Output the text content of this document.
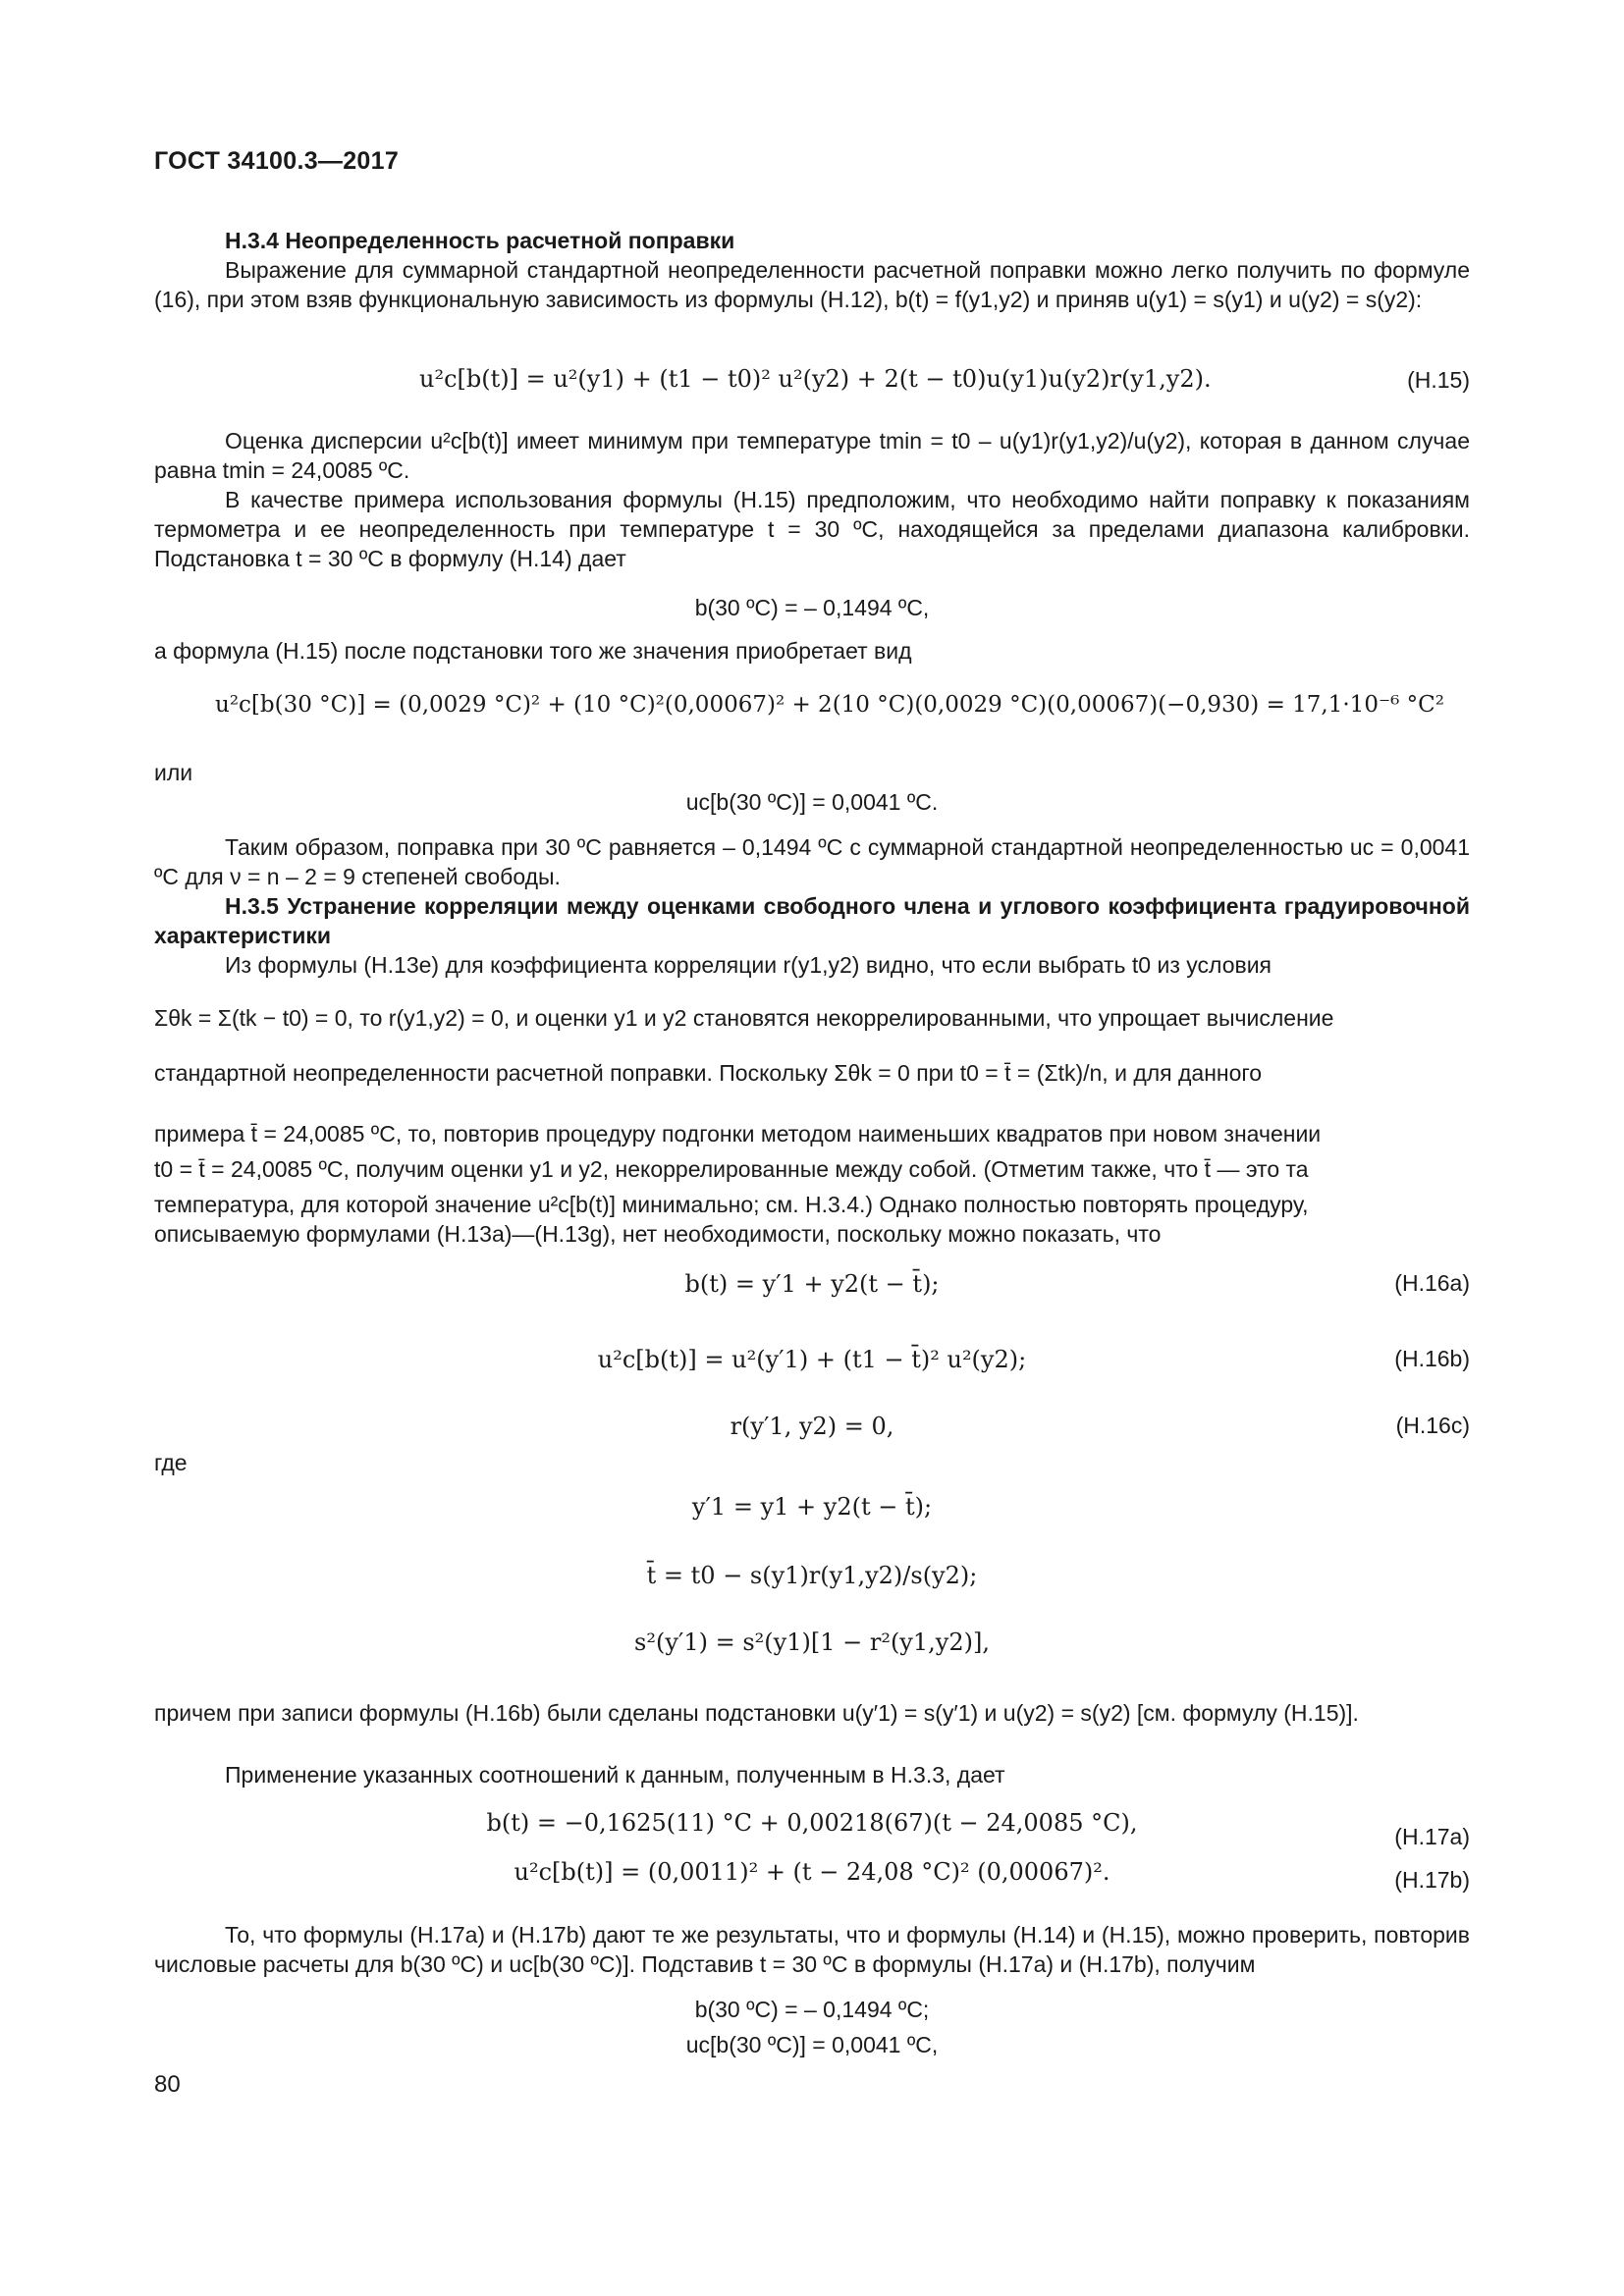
ГОСТ 34100.3—2017
Н.3.4 Неопределенность расчетной поправки
Выражение для суммарной стандартной неопределенности расчетной поправки можно легко получить по формуле (16), при этом взяв функциональную зависимость из формулы (Н.12), b(t) = f(y1,y2) и приняв u(y1) = s(y1) и u(y2) = s(y2):
u²c[b(t)] = u²(y1) + (t1 − t0)² u²(y2) + 2(t − t0)u(y1)u(y2)r(y1,y2).	(Н.15)
Оценка дисперсии u²c[b(t)] имеет минимум при температуре tmin = t0 – u(y1)r(y1,y2)/u(y2), которая в данном случае равна tmin = 24,0085 ºC.
В качестве примера использования формулы (Н.15) предположим, что необходимо найти поправку к показаниям термометра и ее неопределенность при температуре t = 30 ºC, находящейся за пределами диапазона калибровки. Подстановка t = 30 ºC в формулу (Н.14) дает
b(30 ºC) = – 0,1494 ºC,
а формула (Н.15) после подстановки того же значения приобретает вид
u²c[b(30 °C)] = (0,0029 °C)² + (10 °C)²(0,00067)² + 2(10 °C)(0,0029 °C)(0,00067)(−0,930) = 17,1·10⁻⁶ °C²
или
uc[b(30 ºC)] = 0,0041 ºC.
Таким образом, поправка при 30 ºC равняется – 0,1494 ºC с суммарной стандартной неопределенностью uc = 0,0041 ºC для ν = n – 2 = 9 степеней свободы.
Н.3.5 Устранение корреляции между оценками свободного члена и углового коэффициента градуировочной характеристики
Из формулы (Н.13е) для коэффициента корреляции r(y1,y2) видно, что если выбрать t0 из условия
Σθk = Σ(tk − t0) = 0, то r(y1,y2) = 0, и оценки y1 и y2 становятся некоррелированными, что упрощает вычисление
стандартной неопределенности расчетной поправки. Поскольку Σθk = 0 при t0 = t̄ = (Σtk)/n, и для данного
примера t̄ = 24,0085 ºC, то, повторив процедуру подгонки методом наименьших квадратов при новом значении
t0 = t̄ = 24,0085 ºC, получим оценки y1 и y2, некоррелированные между собой. (Отметим также, что t̄ — это та
температура, для которой значение u²c[b(t)] минимально; см. Н.3.4.) Однако полностью повторять процедуру,
описываемую формулами (Н.13а)—(Н.13g), нет необходимости, поскольку можно показать, что
b(t) = y′1 + y2(t − t̄);	(Н.16а)
u²c[b(t)] = u²(y′1) + (t1 − t̄)² u²(y2);	(Н.16b)
r(y′1, y2) = 0,	(Н.16с)
где
y′1 = y1 + y2(t − t̄);
t̄ = t0 − s(y1)r(y1,y2)/s(y2);
s²(y′1) = s²(y1)[1 − r²(y1,y2)],
причем при записи формулы (Н.16b) были сделаны подстановки u(y′1) = s(y′1) и u(y2) = s(y2) [см. формулу (Н.15)].
Применение указанных соотношений к данным, полученным в Н.3.3, дает
b(t) = −0,1625(11) °C + 0,00218(67)(t − 24,0085 °C),	(Н.17а)
u²c[b(t)] = (0,0011)² + (t − 24,08 °C)² (0,00067)².	(Н.17b)
То, что формулы (Н.17а) и (Н.17b) дают те же результаты, что и формулы (Н.14) и (Н.15), можно проверить, повторив числовые расчеты для b(30 ºC) и uc[b(30 ºC)]. Подставив t = 30 ºC в формулы (Н.17а) и (Н.17b), получим
b(30 ºC) = – 0,1494 ºC;
uc[b(30 ºC)] = 0,0041 ºC,
80
